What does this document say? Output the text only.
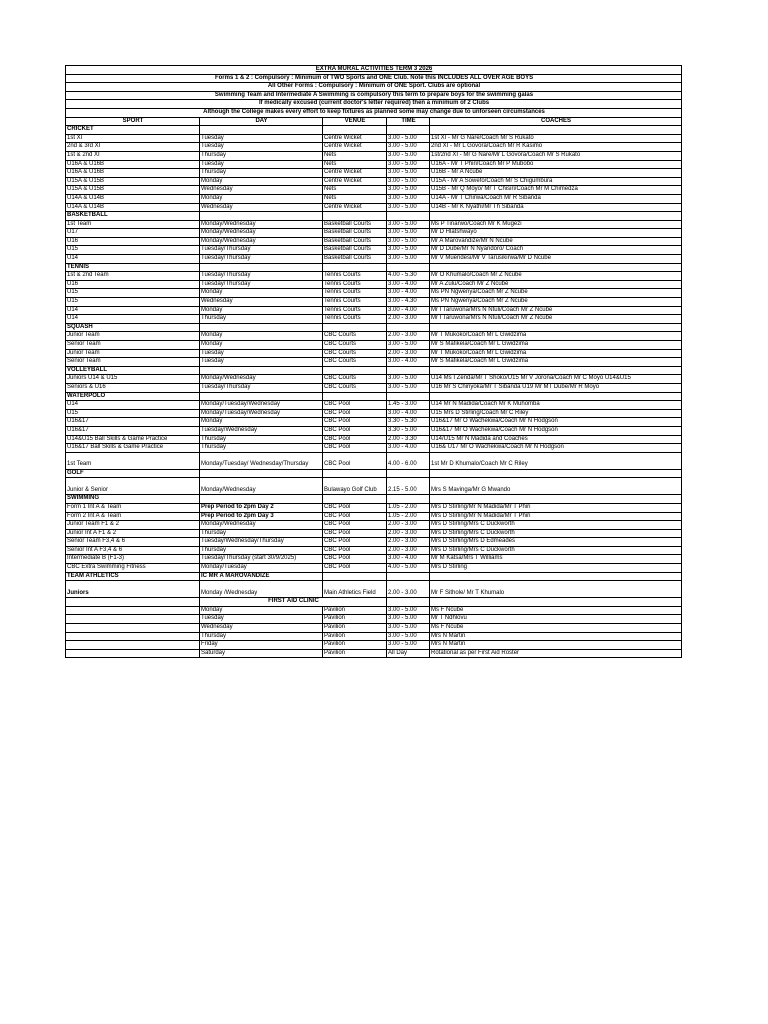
EXTRA MURAL ACTIVITIES TERM 3 2026				
Forms 1 & 2 : Compulsory : Minimum of TWO Sports and ONE Club. Note this INCLUDES ALL OVER AGE BOYS				
All Other Forms : Compulsory : Minimum of ONE Sport. Clubs are optional				
Swimming Team and Intermediate A Swimming is compulsory this term to prepare boys for the swimming galas				
If medically excused (current doctor's letter required) then a minimum of 2 Clubs				
Although the College makes every effort to keep fixtures as planned some may change due to unforseen circumstances				
SPORT	DAY	VENUE	TIME	COACHES
CRICKET				
1st XI	Tuesday	Centre Wicket	3.00 - 5.00	1st XI - Mr G Nare/Coach Mr S Rukato
2nd & 3rd XI	Tuesday	Centre Wicket	3.00 - 5.00	2nd XI - Mr L Govora/Coach Mr R Kasimo
1st & 2nd XI	Thursday	Nets	3.00 - 5.00	1st/2nd XI - Mr G Nare/Mr L Govora/Coach Mr S Rukato
U16A & U16B	Tuesday	Nets	3.00 - 5.00	U16A - Mr T Phiri/Coach Mr P Mubobo
U16A & U16B	Thursday	Centre Wicket	3.00 - 5.00	U16B - Mr A Ncube
U15A & U15B	Monday	Centre Wicket	3.00 - 5.00	U15A - Mr A Sowefo/Coach Mr S Chigumbura
U15A & U15B	Wednesday	Nets	3.00 - 5.00	U15B - Mr Q Moyo/ Mr T Chisiri/Coach Mr M Chimedza
U14A & U14B	Monday	Nets	3.00 - 5.00	U14A - Mr T Chirwa/Coach Mr R Sibanda
U14A & U14B	Wednesday	Centre Wicket	3.00 - 5.00	U14B - Mr K Nyathi/Mr Th Sibanda
BASKETBALL				
1st Team	Monday/Wednesday	Basketball Courts	3.00 - 5.00	Ms P Tinarwo/Coach Mr K Mugezi
U17	Monday/Wednesday	Basketball Courts	3.00 - 5.00	Mr D Hlatshwayo
U16	Monday/Wednesday	Basketball Courts	3.00 - 5.00	Mr A Marovandize/Mr N Ncube
U15	Tuesday/Thursday	Basketball Courts	3.00 - 5.00	Mr D Dube/Mr N Nyandoro/ Coach
U14	Tuesday/Thursday	Basketball Courts	3.00 - 5.00	Mr V Muendesi/Mr V Tarusikirwa/Mr D Ncube
TENNIS				
1st & 2nd Team	Tuesday/Thursday	Tennis Courts	4.00 - 5.30	Mr O Khumalo/Coach Mr Z Ncube
U16	Tuesday/Thursday	Tennis Courts	3.00 - 4.00	Mr A Zulu/Coach Mr Z Ncube
U15	Monday	Tennis Courts	3.00 - 4.00	Ms PN Ngwenya/Coach Mr Z Ncube
U15	Wednesday	Tennis Courts	3.00 - 4.30	Ms PN Ngwenya/Coach Mr Z Ncube
U14	Monday	Tennis Courts	3.00 - 4.00	Mr I Taruwona/Mrs N Ntuli/Coach Mr Z Ncube
U14	Thursday	Tennis Courts	2.00 - 3.00	Mr I Taruwona/Mrs N Ntuli/Coach Mr Z Ncube
SQUASH				
Junior Team	Monday	CBC Courts	2.00 - 3.00	Mr T Mukoko/Coach Mr L Gwidzima
Senior Team	Monday	CBC Courts	3.00 - 5.00	Mr S Mafikela/Coach Mr L Gwidzima
Junior Team	Tuesday	CBC Courts	2.00 - 3.00	Mr T Mukoko/Coach Mr L Gwidzima
Senior Team	Tuesday	CBC Courts	3.00 - 4.00	Mr S Mafikela/Coach Mr L Gwidzima
VOLLEYBALL				
Juniors U14 & U15	Monday/Wednesday	CBC Courts	3.00 - 5.00	U14 Ms I Zenda/Mr T Shoko/U15 Mr V Jorona/Coach Mr C Moyo U14&U15
Seniors & U16	Tuesday/Thursday	CBC Courts	3.00 - 5.00	U16 Mr S Chinyoka/Mr T Sibanda U19 Mr MT Dube/Mr R Moyo
WATERPOLO				
U14	Monday/Tuesday/Wednesday	CBC Pool	1.45 - 3.00	U14 Mr N Madida/Coach Mr K Muhomba
U15	Monday/Tuesday/Wednesday	CBC Pool	3.00 - 4.00	U15 Mrs D Stirling/Coach Mr C Riley
U16&17	Monday	CBC Pool	3.30 - 5.30	U16&17 Mr O Wachekwa/Coach Mr N Hodgson
U16&17	Tuesday/Wednesday	CBC Pool	3.30 - 5.00	U16&17 Mr O Wachekwa/Coach Mr N Hodgson
U14&U15 Ball Skills & Game Practice	Thursday	CBC Pool	2.00 - 3.30	U14/U15 Mr N Madida and Coaches
U16&17 Ball Skills & Game Practice	Thursday	CBC Pool	3.00 - 4.00	U16& U17 Mr O Wachekwa/Coach Mr N Hodgson
1st Team	Monday/Tuesday/ Wednesday/Thursday	CBC Pool	4.00 - 6.00	1st Mr D Khumalo/Coach Mr C Riley
GOLF				
Junior & Senior	Monday/Wednesday	Bulawayo Golf Club	2.15 - 5.00	Mrs S Mavinga/Mr G Mwando
SWIMMING				
Form 1 Int A & Team	Prep Period to 2pm Day 2	CBC Pool	1.05 - 2.00	Mrs D Stirling/Mr N Madida/Mr T Phiri
Form 2 Int A & Team	Prep Period to 2pm Day 3	CBC Pool	1.05 - 2.00	Mrs D Stirling/Mr N Madida/Mr T Phiri
Junior Team F1 & 2	Monday/Wednesday	CBC Pool	2.00 - 3.00	Mrs D Stirling/Mrs C Duckworth
Junior Int A F1 & 2	Thursday	CBC Pool	2.00 - 3.00	Mrs D Stirling/Mrs C Duckworth
Senior Team F3,4 & 6	Tuesday/Wednesday/Thursday	CBC Pool	2.00 - 3.00	Mrs D Stirling/Mrs D Edmeades
Senior Int A F3,4 & 6	Thursday	CBC Pool	2.00 - 3.00	Mrs D Stirling/Mrs C Duckworth
Intermediate B (F1-3)	Tuesday/Thursday (start 30/9/2025)	CBC Pool	3.00 - 4.00	Mr M Katsa/Mrs T Williams
CBC Extra Swimming Fitness	Monday/Tuesday	CBC Pool	4.00 - 5.00	Mrs D Stirling
TEAM ATHLETICS	IC MR A MAROVANDIZE			
Juniors	Monday /Wednesday	Main Athletics Field	2.00 - 3.00	Mr F Sithole/ Mr T Khumalo
	FIRST AID CLINIC			
	Monday	Pavilion	3.00 - 5.00	Ms F Ncube
	Tuesday	Pavilion	3.00 - 5.00	Mr T Ndhlovu
	Wednesday	Pavilion	3.00 - 5.00	Ms F Ncube
	Thursday	Pavilion	3.00 - 5.00	Mrs N Martin
	Friday	Pavilion	3.00 - 5.00	Mrs N Martin
	Saturday	Pavilion	All Day	Rotational as per First Aid Roster
